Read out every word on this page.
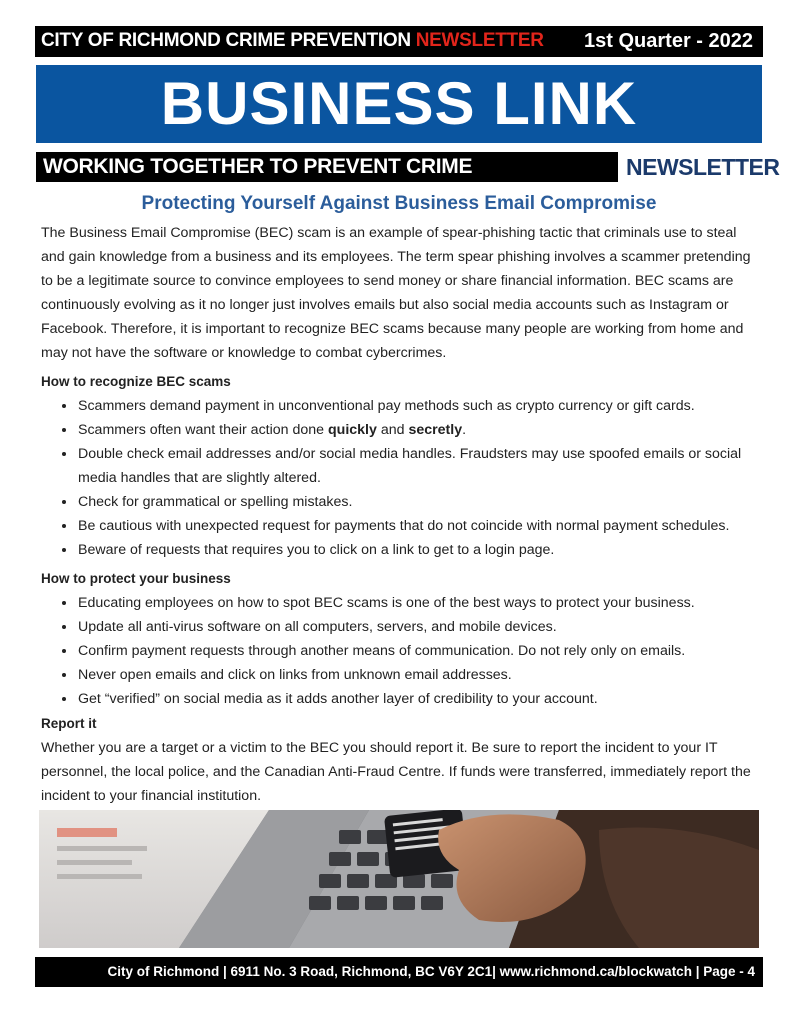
CITY OF RICHMOND CRIME PREVENTION NEWSLETTER 1st Quarter - 2022
BUSINESS LINK
WORKING TOGETHER TO PREVENT CRIME	NEWSLETTER
Protecting Yourself Against Business Email Compromise

The Business Email Compromise (BEC) scam is an example of spear-phishing tactic that criminals use to steal and gain knowledge from a business and its employees. The term spear phishing involves a scammer pretending to be a legitimate source to convince employees to send money or share financial information. BEC scams are continuously evolving as it no longer just involves emails but also social media accounts such as Instagram or Facebook. Therefore, it is important to recognize BEC scams because many people are working from home and may not have the software or knowledge to combat cybercrimes.

How to recognize BEC scams
• Scammers demand payment in unconventional pay methods such as crypto currency or gift cards.
• Scammers often want their action done quickly and secretly.
• Double check email addresses and/or social media handles. Fraudsters may use spoofed emails or social media handles that are slightly altered.
• Check for grammatical or spelling mistakes.
• Be cautious with unexpected request for payments that do not coincide with normal payment schedules.
• Beware of requests that requires you to click on a link to get to a login page.
How to protect your business
• Educating employees on how to spot BEC scams is one of the best ways to protect your business.
• Update all anti-virus software on all computers, servers, and mobile devices.
• Confirm payment requests through another means of communication. Do not rely only on emails.
• Never open emails and click on links from unknown email addresses.
• Get “verified” on social media as it adds another layer of credibility to your account.
Report it

Whether you are a target or a victim to the BEC you should report it. Be sure to report the incident to your IT personnel, the local police, and the Canadian Anti-Fraud Centre. If funds were transferred, immediately report the incident to your financial institution.

City of Richmond | 6911 No. 3 Road, Richmond, BC V6Y 2C1| www.richmond.ca/blockwatch | Page - 4
